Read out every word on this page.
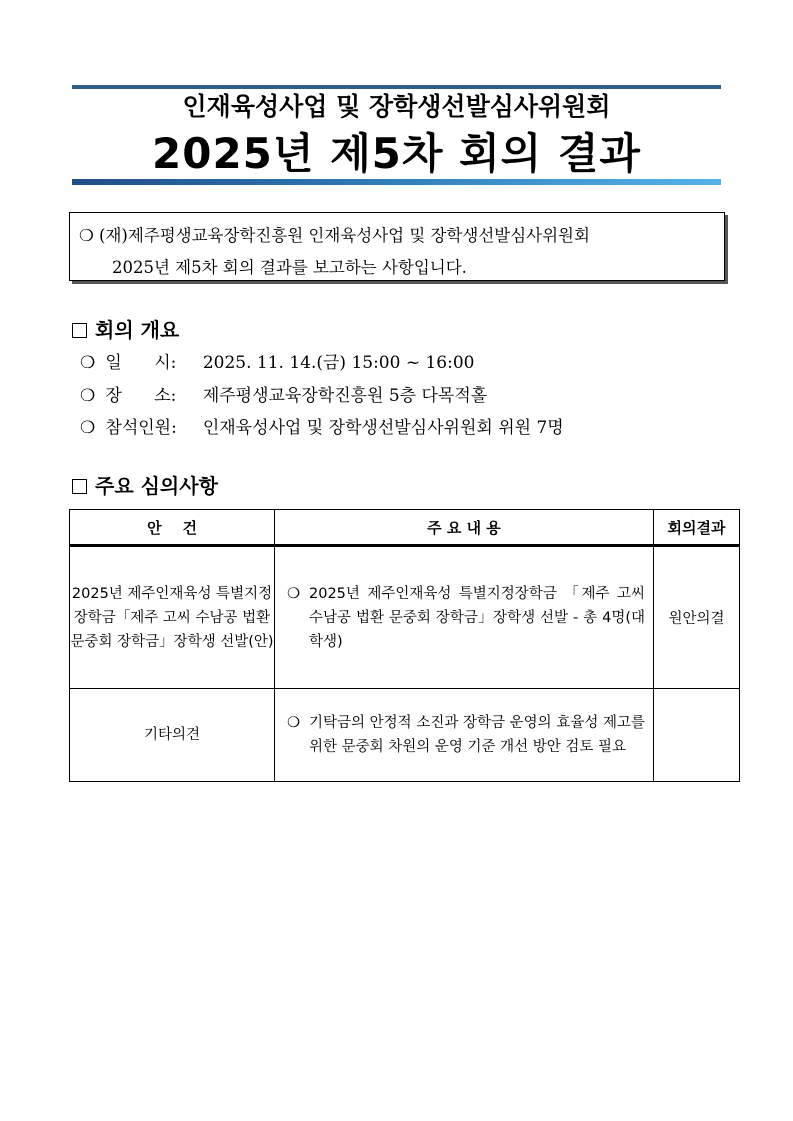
인재육성사업 및 장학생선발심사위원회
2025년 제5차 회의 결과
❍ (재)제주평생교육장학진흥원 인재육성사업 및 장학생선발심사위원회
2025년 제5차 회의 결과를 보고하는 사항입니다.
회의 개요
❍ 일      시: 2025. 11. 14.(금) 15:00 ~ 16:00
❍ 장      소: 제주평생교육장학진흥원 5층 다목적홀
❍ 참석인원: 인재육성사업 및 장학생선발심사위원회 위원 7명
주요 심의사항
안    건	주 요 내 용	회의결과
2025년 제주인재육성 특별지정장학금「제주 고씨 수남공 법환 문중회 장학금」장학생 선발(안)	❍ 2025년 제주인재육성 특별지정장학금 「제주 고씨 수남공 법환 문중회 장학금」장학생 선발 - 총 4명(대학생)	원안의결
기타의견	❍ 기탁금의 안정적 소진과 장학금 운영의 효율성 제고를 위한 문중회 차원의 운영 기준 개선 방안 검토 필요	
